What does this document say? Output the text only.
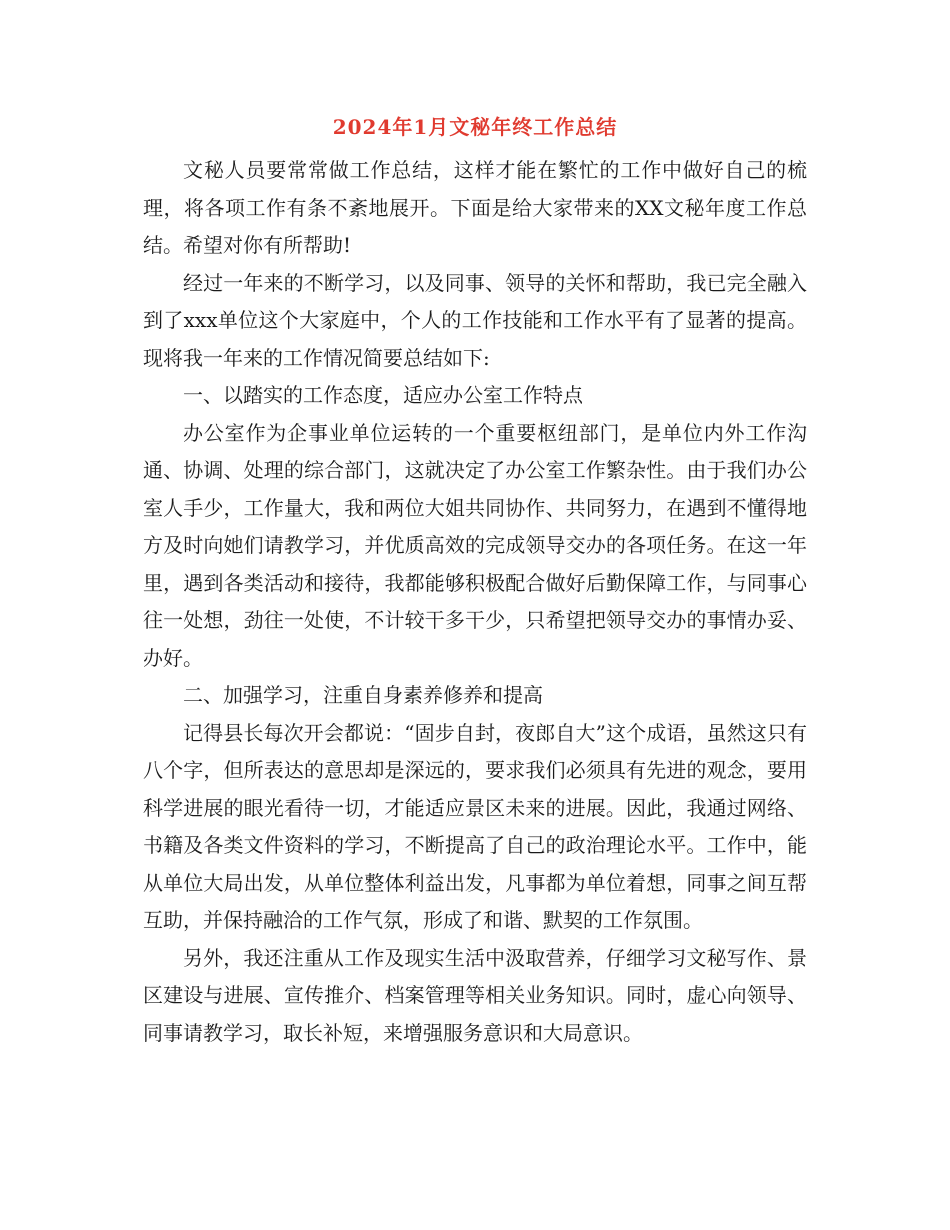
2024年1月文秘年终工作总结

文秘人员要常常做工作总结，这样才能在繁忙的工作中做好自己的梳理，将各项工作有条不紊地展开。下面是给大家带来的XX文秘年度工作总结。希望对你有所帮助!

经过一年来的不断学习，以及同事、领导的关怀和帮助，我已完全融入到了xxx单位这个大家庭中，个人的工作技能和工作水平有了显著的提高。现将我一年来的工作情况简要总结如下:

一、以踏实的工作态度，适应办公室工作特点

办公室作为企事业单位运转的一个重要枢纽部门，是单位内外工作沟通、协调、处理的综合部门，这就决定了办公室工作繁杂性。由于我们办公室人手少，工作量大，我和两位大姐共同协作、共同努力，在遇到不懂得地方及时向她们请教学习，并优质高效的完成领导交办的各项任务。在这一年里，遇到各类活动和接待，我都能够积极配合做好后勤保障工作，与同事心往一处想，劲往一处使，不计较干多干少，只希望把领导交办的事情办妥、办好。

二、加强学习，注重自身素养修养和提高

记得县长每次开会都说：“固步自封，夜郎自大”这个成语，虽然这只有八个字，但所表达的意思却是深远的，要求我们必须具有先进的观念，要用科学进展的眼光看待一切，才能适应景区未来的进展。因此，我通过网络、书籍及各类文件资料的学习，不断提高了自己的政治理论水平。工作中，能从单位大局出发，从单位整体利益出发，凡事都为单位着想，同事之间互帮互助，并保持融洽的工作气氛，形成了和谐、默契的工作氛围。

另外，我还注重从工作及现实生活中汲取营养，仔细学习文秘写作、景区建设与进展、宣传推介、档案管理等相关业务知识。同时，虚心向领导、同事请教学习，取长补短，来增强服务意识和大局意识。
